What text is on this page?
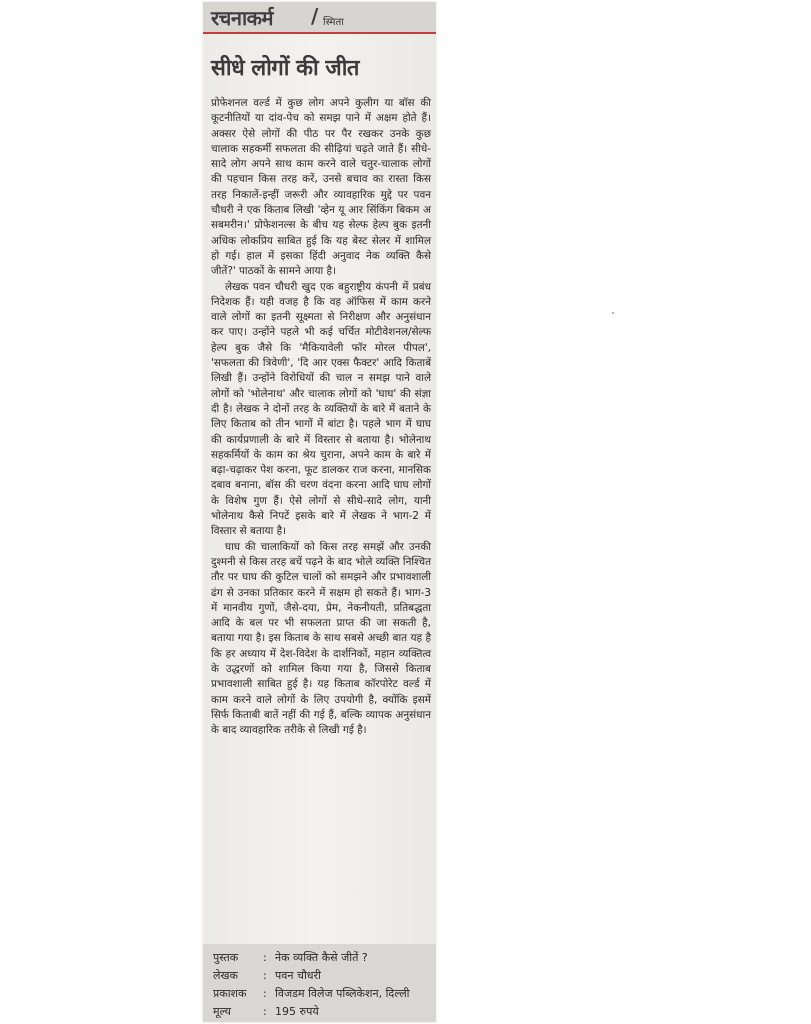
रचनाकर्म / स्मिता
सीधे लोगों की जीत

प्रोफेशनल वर्ल्ड में कुछ लोग अपने कुलीग या बॉस की कूटनीतियों या दांव-पेच को समझ पाने में अक्षम होते हैं। अक्सर ऐसे लोगों की पीठ पर पैर रखकर उनके कुछ चालाक सहकर्मी सफलता की सीढ़ियां चढ़ते जाते हैं। सीधे-सादे लोग अपने साथ काम करने वाले चतुर-चालाक लोगों की पहचान किस तरह करें, उनसे बचाव का रास्ता किस तरह निकालें-इन्हीं जरूरी और व्यावहारिक मुद्दे पर पवन चौधरी ने एक किताब लिखी 'व्हेन यू आर सिंकिंग बिकम अ सबमरीन।' प्रोफेशनल्स के बीच यह सेल्फ हेल्प बुक इतनी अधिक लोकप्रिय साबित हुई कि यह बेस्ट सेलर में शामिल हो गई। हाल में इसका हिंदी अनुवाद नेक व्यक्ति कैसे जीतें?' पाठकों के सामने आया है।

लेखक पवन चौधरी खुद एक बहुराष्ट्रीय कंपनी में प्रबंध निदेशक हैं। यही वजह है कि वह ऑफिस में काम करने वाले लोगों का इतनी सूक्ष्मता से निरीक्षण और अनुसंधान कर पाए। उन्होंने पहले भी कई चर्चित मोटीवेशनल/सेल्फ हेल्प बुक जैसे कि 'मैकियावेली फॉर मोरल पीपल', 'सफलता की त्रिवेणी', 'दि आर एक्स फैक्टर' आदि किताबें लिखी हैं। उन्होंने विरोधियों की चाल न समझ पाने वाले लोगों को 'भोलेनाथ' और चालाक लोगों को 'घाघ' की संज्ञा दी है। लेखक ने दोनों तरह के व्यक्तियों के बारे में बताने के लिए किताब को तीन भागों में बांटा है। पहले भाग में घाघ की कार्यप्रणाली के बारे में विस्तार से बताया है। भोलेनाथ सहकर्मियों के काम का श्रेय चुराना, अपने काम के बारे में बढ़ा-चढ़ाकर पेश करना, फूट डालकर राज करना, मानसिक दबाव बनाना, बॉस की चरण वंदना करना आदि घाघ लोगों के विशेष गुण हैं। ऐसे लोगों से सीधे-सादे लोग, यानी भोलेनाथ कैसे निपटें इसके बारे में लेखक ने भाग-2 में विस्तार से बताया है।

घाघ की चालाकियों को किस तरह समझें और उनकी दुश्मनी से किस तरह बचें पढ़ने के बाद भोले व्यक्ति निश्चित तौर पर घाघ की कुटिल चालों को समझने और प्रभावशाली ढंग से उनका प्रतिकार करने में सक्षम हो सकते हैं। भाग-3 में मानवीय गुणों, जैसे-दया, प्रेम, नेकनीयती, प्रतिबद्धता आदि के बल पर भी सफलता प्राप्त की जा सकती है, बताया गया है। इस किताब के साथ सबसे अच्छी बात यह है कि हर अध्याय में देश-विदेश के दार्शनिकों, महान व्यक्तित्व के उद्धरणों को शामिल किया गया है, जिससे किताब प्रभावशाली साबित हुई है। यह किताब कॉरपोरेट वर्ल्ड में काम करने वाले लोगों के लिए उपयोगी है, क्योंकि इसमें सिर्फ किताबी बातें नहीं की गई हैं, बल्कि व्यापक अनुसंधान के बाद व्यावहारिक तरीके से लिखी गई है।

पुस्तक : नेक व्यक्ति कैसे जीतें ?
लेखक : पवन चौधरी
प्रकाशक : विजडम विलेज पब्लिकेशन, दिल्ली
मूल्य	: 195 रुपये
